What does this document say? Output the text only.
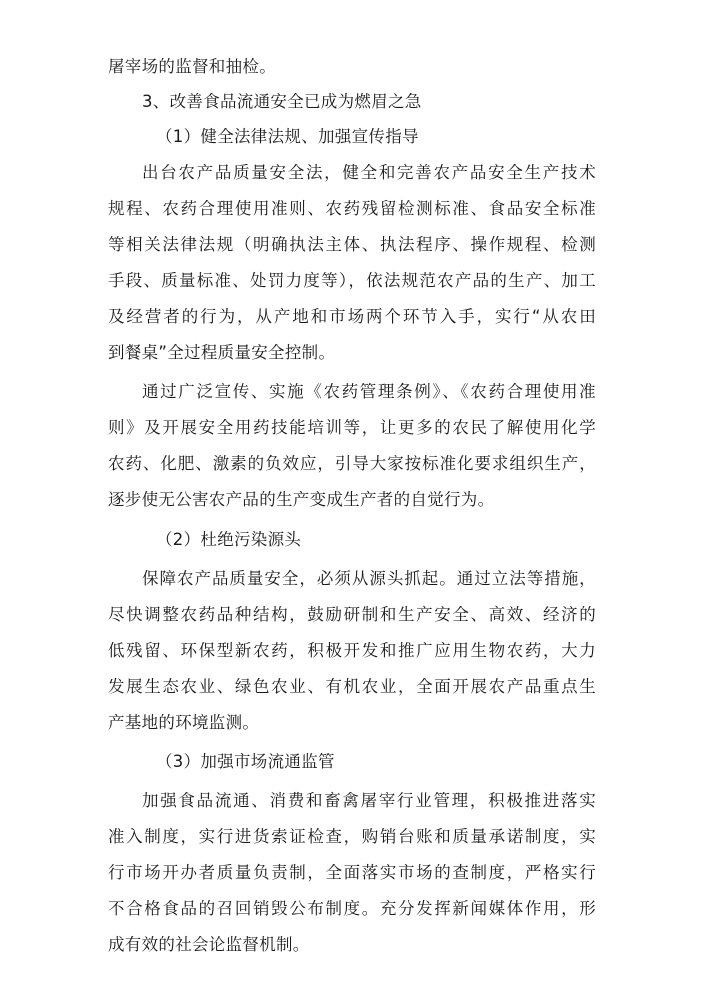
屠宰场的监督和抽检。
3、改善食品流通安全已成为燃眉之急
（1）健全法律法规、加强宣传指导
出台农产品质量安全法，健全和完善农产品安全生产技术
规程、农药合理使用准则、农药残留检测标准、食品安全标准
等相关法律法规（明确执法主体、执法程序、操作规程、检测
手段、质量标准、处罚力度等），依法规范农产品的生产、加工
及经营者的行为，从产地和市场两个环节入手，实行“从农田
到餐桌”全过程质量安全控制。
通过广泛宣传、实施《农药管理条例》、《农药合理使用准
则》及开展安全用药技能培训等，让更多的农民了解使用化学
农药、化肥、激素的负效应，引导大家按标准化要求组织生产，
逐步使无公害农产品的生产变成生产者的自觉行为。
（2）杜绝污染源头
保障农产品质量安全，必须从源头抓起。通过立法等措施，
尽快调整农药品种结构，鼓励研制和生产安全、高效、经济的
低残留、环保型新农药，积极开发和推广应用生物农药，大力
发展生态农业、绿色农业、有机农业，全面开展农产品重点生
产基地的环境监测。
（3）加强市场流通监管
加强食品流通、消费和畜禽屠宰行业管理，积极推进落实
准入制度，实行进货索证检查，购销台账和质量承诺制度，实
行市场开办者质量负责制，全面落实市场的查制度，严格实行
不合格食品的召回销毁公布制度。充分发挥新闻媒体作用，形
成有效的社会论监督机制。
